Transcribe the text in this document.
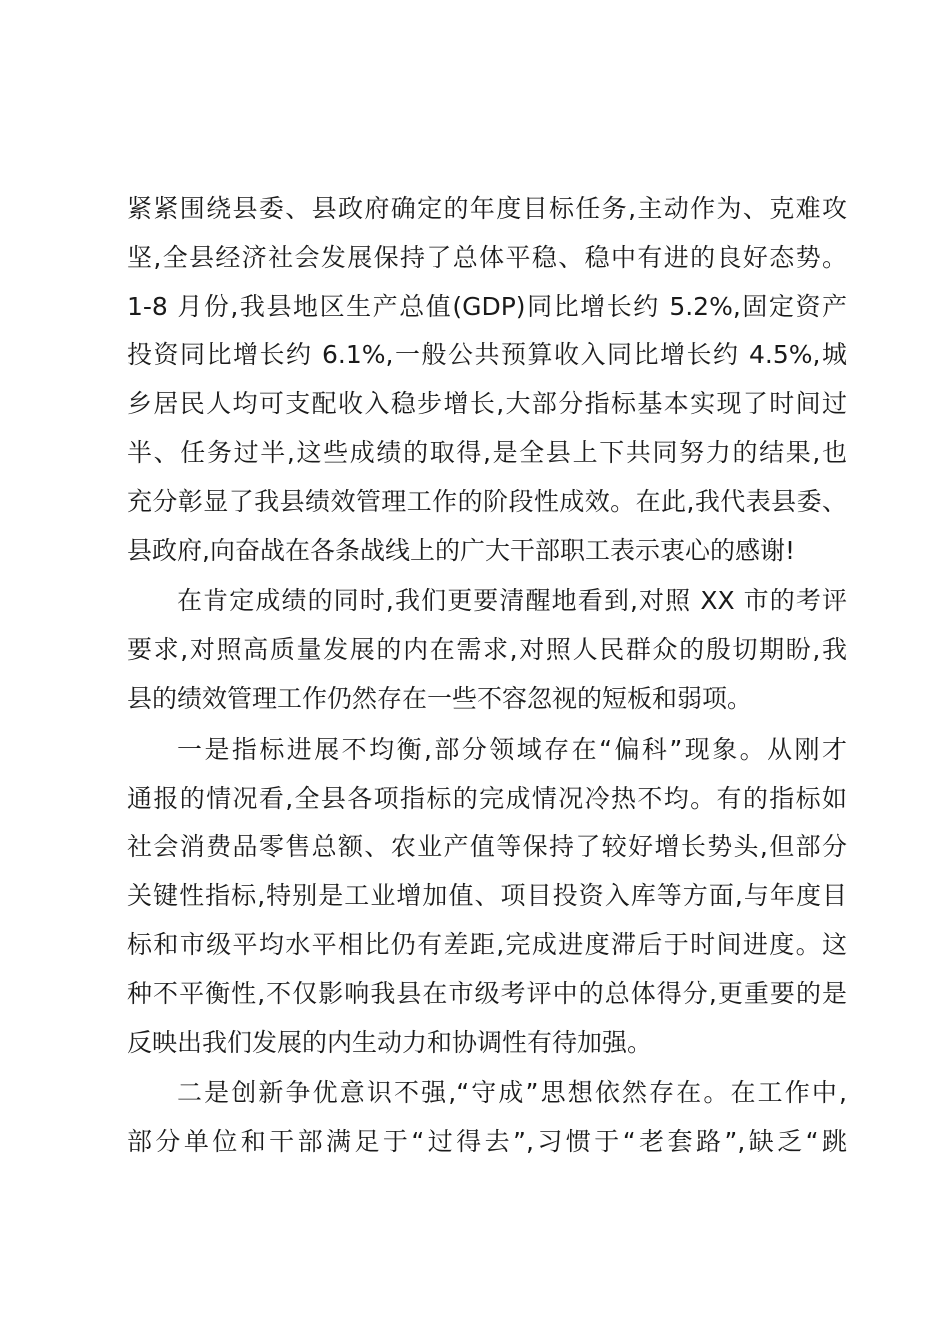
紧紧围绕县委、县政府确定的年度目标任务,主动作为、克难攻
坚,全县经济社会发展保持了总体平稳、稳中有进的良好态势。
1-8 月份,我县地区生产总值(GDP)同比增长约 5.2%,固定资产
投资同比增长约 6.1%,一般公共预算收入同比增长约 4.5%,城
乡居民人均可支配收入稳步增长,大部分指标基本实现了时间过
半、任务过半,这些成绩的取得,是全县上下共同努力的结果,也
充分彰显了我县绩效管理工作的阶段性成效。在此,我代表县委、
县政府,向奋战在各条战线上的广大干部职工表示衷心的感谢!
在肯定成绩的同时,我们更要清醒地看到,对照 XX 市的考评
要求,对照高质量发展的内在需求,对照人民群众的殷切期盼,我
县的绩效管理工作仍然存在一些不容忽视的短板和弱项。
一是指标进展不均衡,部分领域存在“偏科”现象。从刚才
通报的情况看,全县各项指标的完成情况冷热不均。有的指标如
社会消费品零售总额、农业产值等保持了较好增长势头,但部分
关键性指标,特别是工业增加值、项目投资入库等方面,与年度目
标和市级平均水平相比仍有差距,完成进度滞后于时间进度。这
种不平衡性,不仅影响我县在市级考评中的总体得分,更重要的是
反映出我们发展的内生动力和协调性有待加强。
二是创新争优意识不强,“守成”思想依然存在。在工作中,
部分单位和干部满足于“过得去”,习惯于“老套路”,缺乏“跳
